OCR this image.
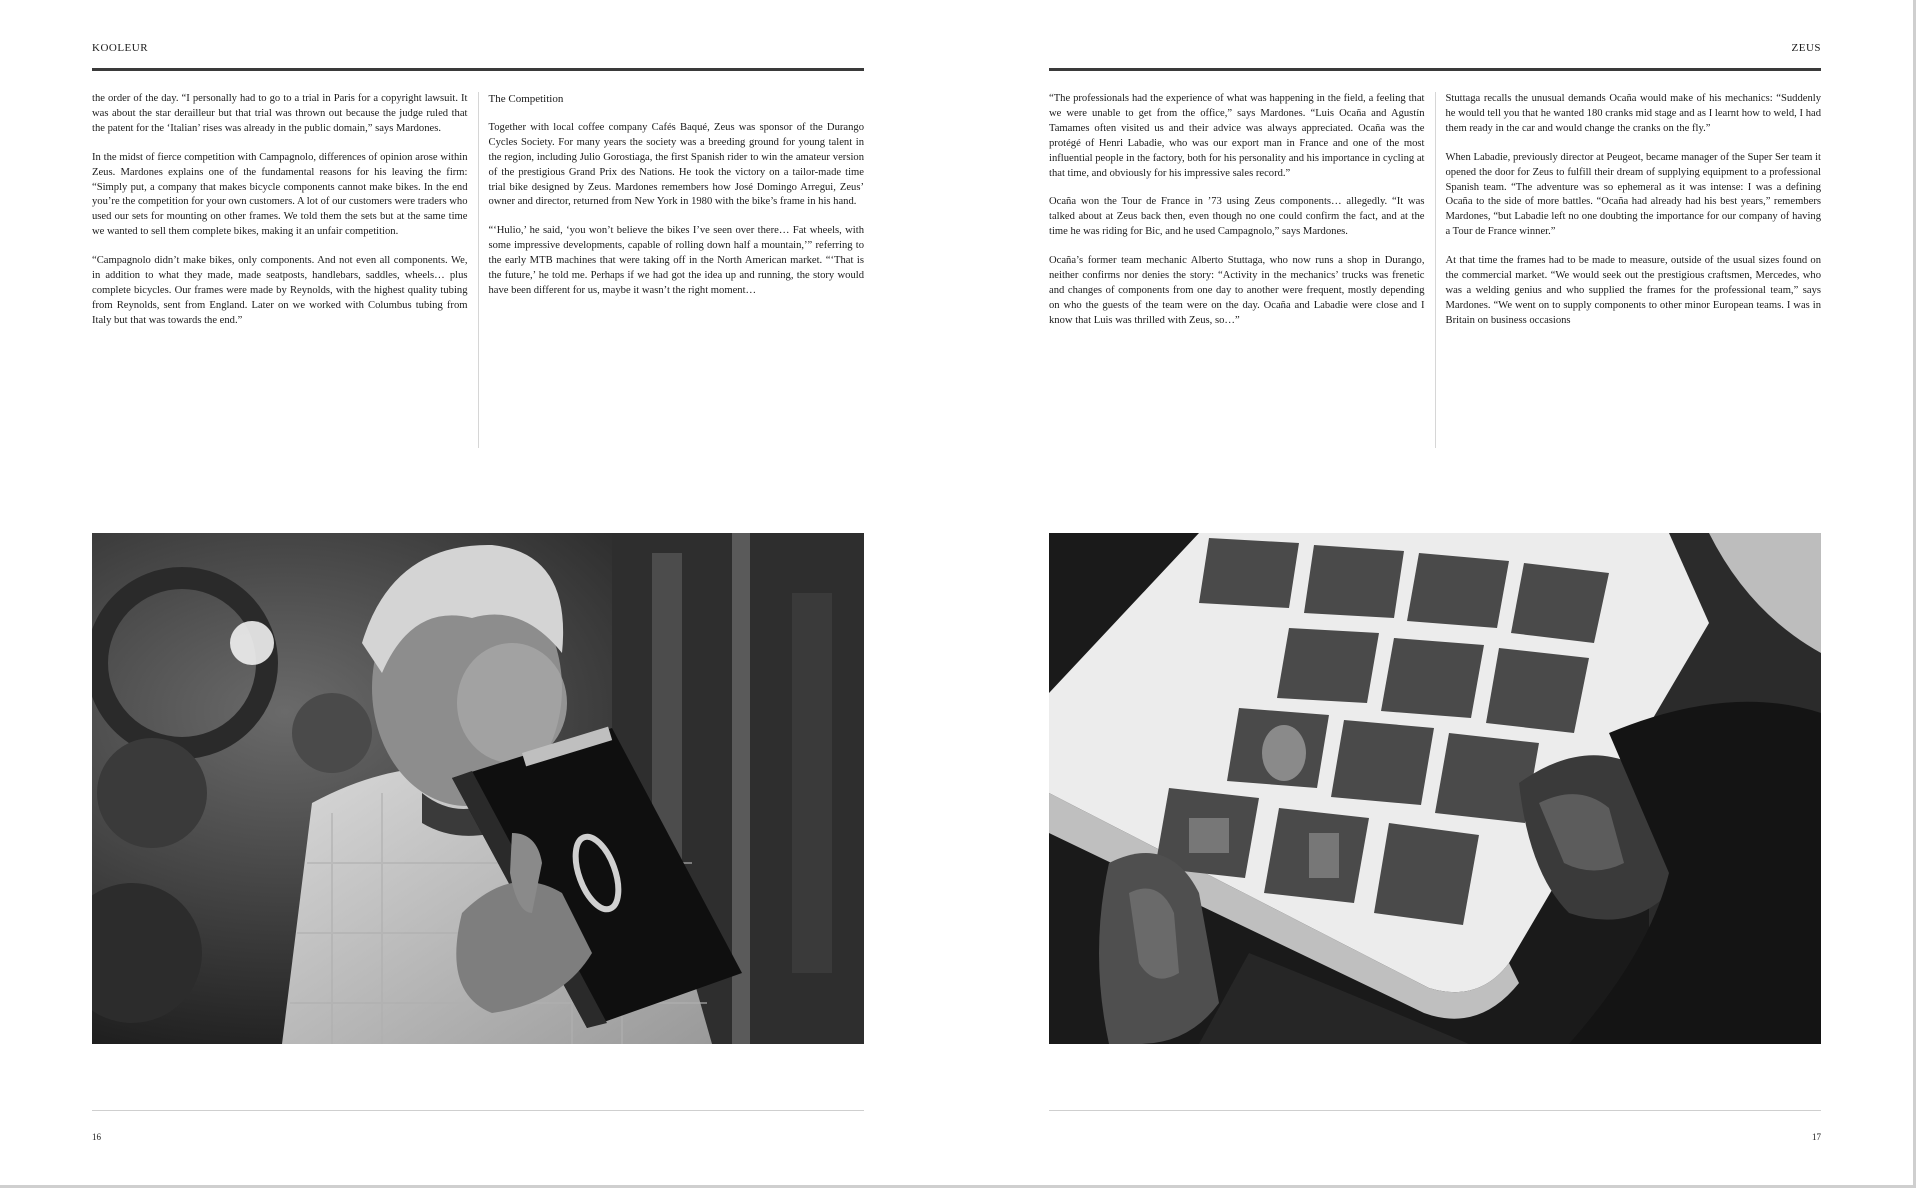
KOOLEUR

the order of the day. “I personally had to go to a trial in Paris for a copyright lawsuit. It was about the star derailleur but that trial was thrown out because the judge ruled that the patent for the ‘Italian’ rises was already in the public domain,” says Mardones.

In the midst of fierce competition with Campagnolo, differences of opinion arose within Zeus. Mardones explains one of the fundamental reasons for his leaving the firm: “Simply put, a company that makes bicycle components cannot make bikes. In the end you’re the competition for your own customers. A lot of our customers were traders who used our sets for mounting on other frames. We told them the sets but at the same time we wanted to sell them complete bikes, making it an unfair competition.

“Campagnolo didn’t make bikes, only components. And not even all components. We, in addition to what they made, made seatposts, handlebars, saddles, wheels… plus complete bicycles. Our frames were made by Reynolds, with the highest quality tubing from Reynolds, sent from England. Later on we worked with Columbus tubing from Italy but that was towards the end.”

The Competition

Together with local coffee company Cafés Baqué, Zeus was sponsor of the Durango Cycles Society. For many years the society was a breeding ground for young talent in the region, including Julio Gorostiaga, the first Spanish rider to win the amateur version of the prestigious Grand Prix des Nations. He took the victory on a tailor-made time trial bike designed by Zeus. Mardones remembers how José Domingo Arregui, Zeus’ owner and director, returned from New York in 1980 with the bike’s frame in his hand.

“‘Hulio,’ he said, ‘you won’t believe the bikes I’ve seen over there… Fat wheels, with some impressive developments, capable of rolling down half a mountain,’” referring to the early MTB machines that were taking off in the North American market. “‘That is the future,’ he told me. Perhaps if we had got the idea up and running, the story would have been different for us, maybe it wasn’t the right moment…

16
ZEUS

“The professionals had the experience of what was happening in the field, a feeling that we were unable to get from the office,” says Mardones. “Luis Ocaña and Agustín Tamames often visited us and their advice was always appreciated. Ocaña was the protégé of Henri Labadie, who was our export man in France and one of the most influential people in the factory, both for his personality and his importance in cycling at that time, and obviously for his impressive sales record.”

Ocaña won the Tour de France in ’73 using Zeus components… allegedly. “It was talked about at Zeus back then, even though no one could confirm the fact, and at the time he was riding for Bic, and he used Campagnolo,” says Mardones.

Ocaña’s former team mechanic Alberto Stuttaga, who now runs a shop in Durango, neither confirms nor denies the story: “Activity in the mechanics’ trucks was frenetic and changes of components from one day to another were frequent, mostly depending on who the guests of the team were on the day. Ocaña and Labadie were close and I know that Luis was thrilled with Zeus, so…”

Stuttaga recalls the unusual demands Ocaña would make of his mechanics: “Suddenly he would tell you that he wanted 180 cranks mid stage and as I learnt how to weld, I had them ready in the car and would change the cranks on the fly.”

When Labadie, previously director at Peugeot, became manager of the Super Ser team it opened the door for Zeus to fulfill their dream of supplying equipment to a professional Spanish team. “The adventure was so ephemeral as it was intense: I was a defining Ocaña to the side of more battles. “Ocaña had already had his best years,” remembers Mardones, “but Labadie left no one doubting the importance for our company of having a Tour de France winner.”

At that time the frames had to be made to measure, outside of the usual sizes found on the commercial market. “We would seek out the prestigious craftsmen, Mercedes, who was a welding genius and who supplied the frames for the professional team,” says Mardones. “We went on to supply components to other minor European teams. I was in Britain on business occasions

17
